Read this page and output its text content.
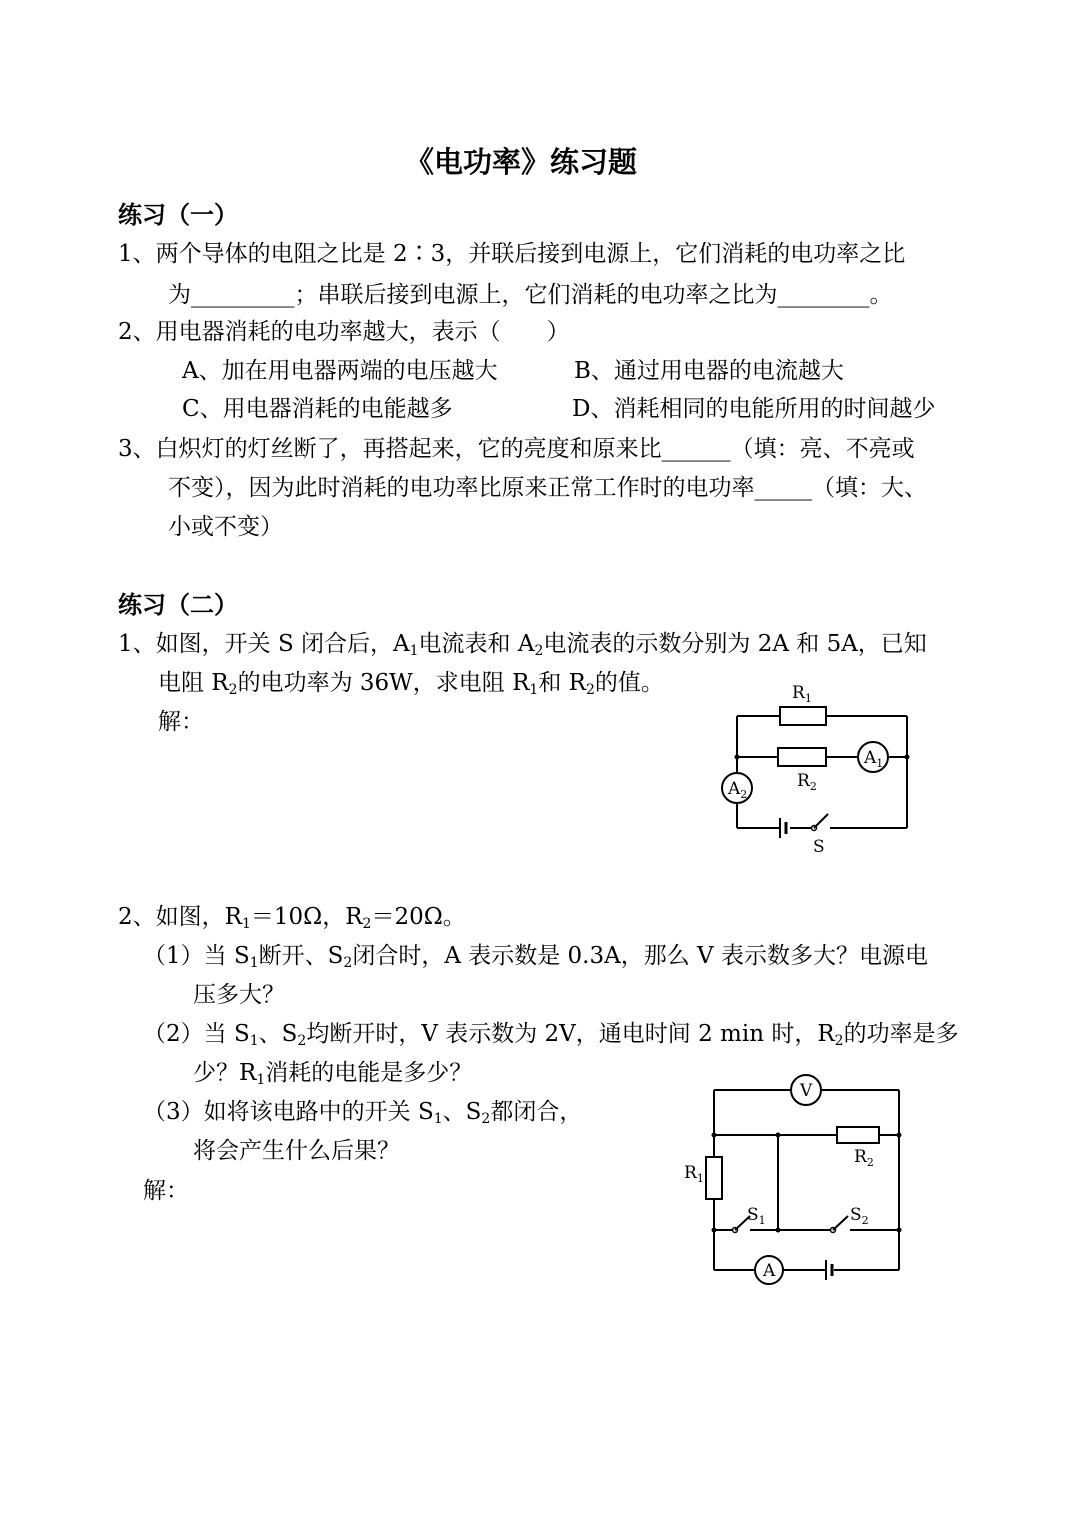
《电功率》练习题
练习（一）
1、两个导体的电阻之比是 2∶3，并联后接到电源上，它们消耗的电功率之比
为_________；串联后接到电源上，它们消耗的电功率之比为________。
2、用电器消耗的电功率越大，表示（　　）
A、加在用电器两端的电压越大	B、通过用电器的电流越大
C、用电器消耗的电能越多	D、消耗相同的电能所用的时间越少
3、白炽灯的灯丝断了，再搭起来，它的亮度和原来比______（填：亮、不亮或
不变），因为此时消耗的电功率比原来正常工作时的电功率_____（填：大、
小或不变）
练习（二）
1、如图，开关 S 闭合后，$A_1$电流表和 $A_2$电流表的示数分别为 2A 和 5A，已知
电阻 $R_2$的电功率为 36W，求电阻 $R_1$和 $R_2$的值。
解：
$R_1$
$R_2$
$A_1$
$A_2$
S
2、如图，$R_1=10\Omega$，$R_2=20\Omega$。
（1）当 $S_1$断开、$S_2$闭合时，A 表示数是 0.3A，那么 V 表示数多大？电源电
压多大？
（2）当 $S_1$、$S_2$均断开时，V 表示数为 2V，通电时间 2 min 时，$R_2$的功率是多
少？$R_1$消耗的电能是多少？
（3）如将该电路中的开关 $S_1$、$S_2$都闭合，
将会产生什么后果？
解：
V
A
$R_1$
$R_2$
$S_1$	$S_2$
